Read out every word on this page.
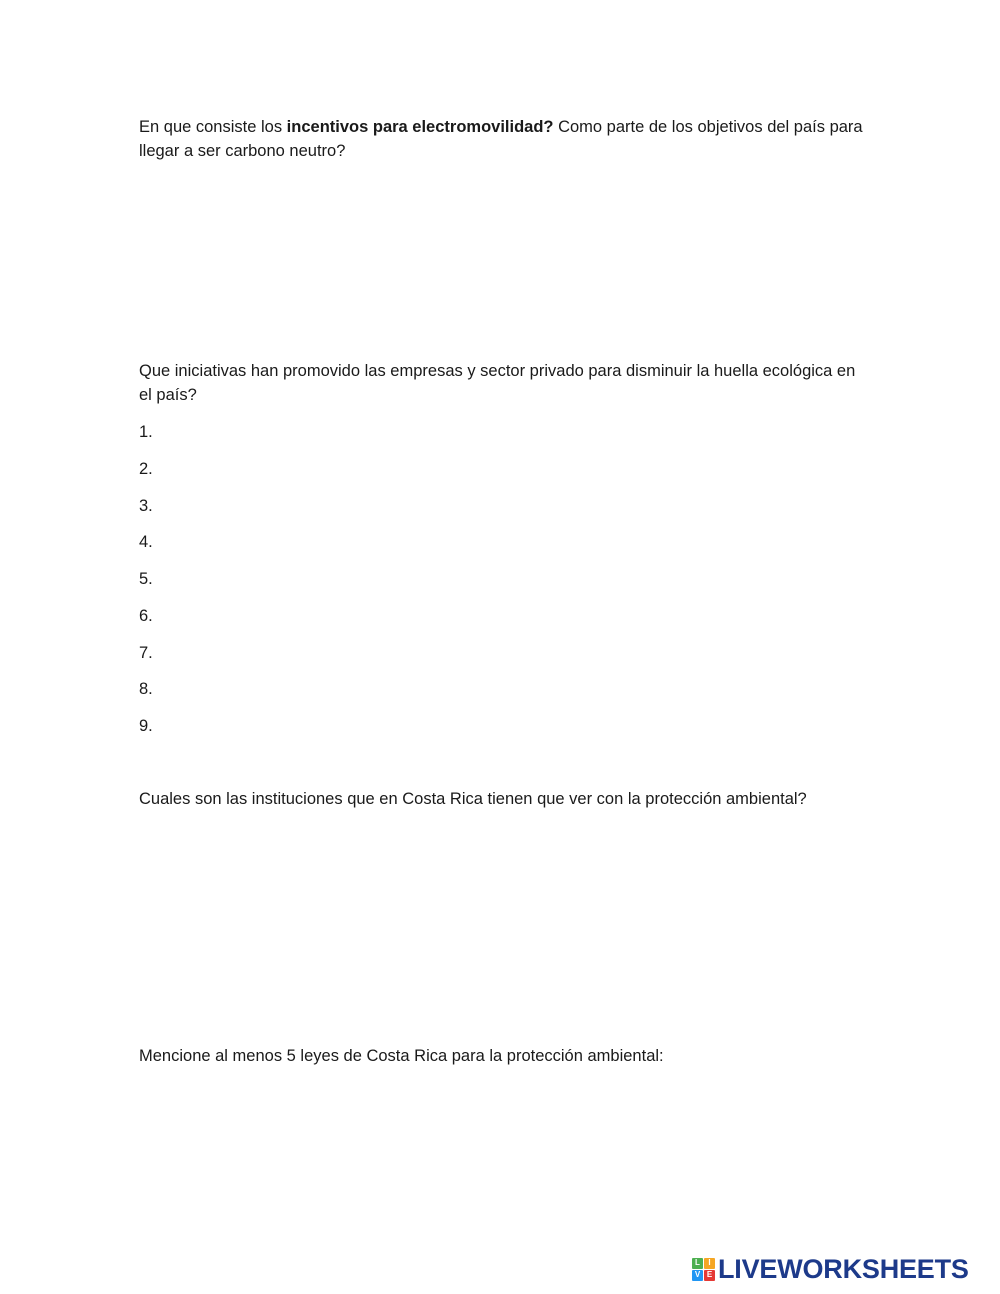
En que consiste los incentivos para electromovilidad? Como parte de los objetivos del país para llegar a ser carbono neutro?

Que iniciativas han promovido las empresas y sector privado para disminuir la huella ecológica en el país?

1.
2.
3.
4.
5.
6.
7.
8.
9.

Cuales son las instituciones que en Costa Rica tienen que ver con la protección ambiental?

Mencione al menos 5 leyes de Costa Rica para la protección ambiental:

L	I
V E LIVEWORKSHEETS
